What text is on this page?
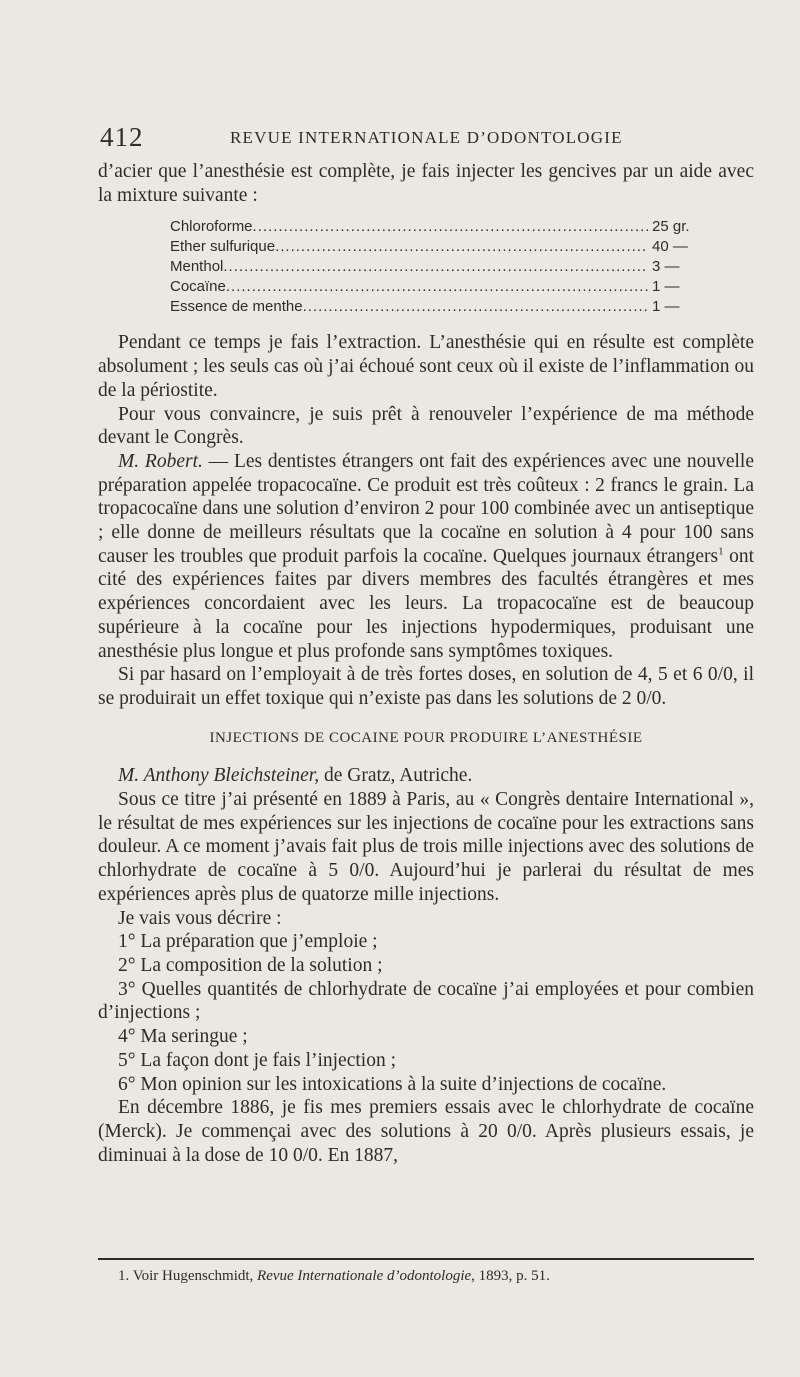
412	REVUE INTERNATIONALE D’ODONTOLOGIE

d’acier que l’anesthésie est complète, je fais injecter les gencives par un aide avec la mixture suivante :

Chloroforme .....	25 gr.
Ether sulfurique .....	40 —
Menthol .....	3 —
Cocaïne .....	1 —
Essence de menthe .....	1 —

Pendant ce temps je fais l’extraction. L’anesthésie qui en résulte est complète absolument ; les seuls cas où j’ai échoué sont ceux où il existe de l’inflammation ou de la périostite.

Pour vous convaincre, je suis prêt à renouveler l’expérience de ma méthode devant le Congrès.

M. Robert. — Les dentistes étrangers ont fait des expériences avec une nouvelle préparation appelée tropacocaïne. Ce produit est très coûteux : 2 francs le grain. La tropacocaïne dans une solution d’environ 2 pour 100 combinée avec un antiseptique ; elle donne de meilleurs résultats que la cocaïne en solution à 4 pour 100 sans causer les troubles que produit parfois la cocaïne. Quelques journaux étrangers$^1$ ont cité des expériences faites par divers membres des facultés étrangères et mes expériences concordaient avec les leurs. La tropacocaïne est de beaucoup supérieure à la cocaïne pour les injections hypodermiques, produisant une anesthésie plus longue et plus profonde sans symptômes toxiques.

Si par hasard on l’employait à de très fortes doses, en solution de 4, 5 et 6 0/0, il se produirait un effet toxique qui n’existe pas dans les solutions de 2 0/0.

INJECTIONS DE COCAINE POUR PRODUIRE L’ANESTHÉSIE

M. Anthony Bleichsteiner, de Gratz, Autriche.

Sous ce titre j’ai présenté en 1889 à Paris, au « Congrès dentaire International », le résultat de mes expériences sur les injections de cocaïne pour les extractions sans douleur. A ce moment j’avais fait plus de trois mille injections avec des solutions de chlorhydrate de cocaïne à 5 0/0. Aujourd’hui je parlerai du résultat de mes expériences après plus de quatorze mille injections.

Je vais vous décrire :

1° La préparation que j’emploie ;

2° La composition de la solution ;

3° Quelles quantités de chlorhydrate de cocaïne j’ai employées et pour combien d’injections ;

4° Ma seringue ;

5° La façon dont je fais l’injection ;

6° Mon opinion sur les intoxications à la suite d’injections de cocaïne.

En décembre 1886, je fis mes premiers essais avec le chlorhydrate de cocaïne (Merck). Je commençai avec des solutions à 20 0/0. Après plusieurs essais, je diminuai à la dose de 10 0/0. En 1887,

1. Voir Hugenschmidt, Revue Internationale d’odontologie, 1893, p. 51.
